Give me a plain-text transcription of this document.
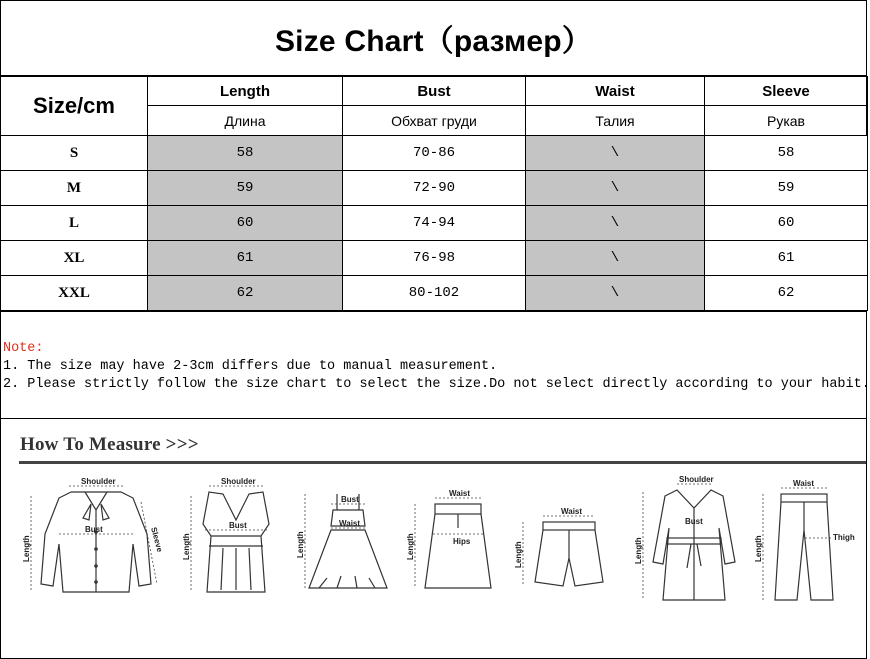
Size Chart（размер）
Size/cm	Length	Bust	Waist	Sleeve
	Длина	Обхват груди	Талия	Рукав
S	58	70-86	\	58
M	59	72-90	\	59
L	60	74-94	\	60
XL	61	76-98	\	61
XXL	62	80-102	\	62
Note:
1. The size may have 2-3cm differs due to manual measurement.
2. Please strictly follow the size chart to select the size.Do not select directly according to your habit.
How To Measure >>>
Shoulder
Bust
Length	Sleeve
Shoulder
Bust
Length
Bust
Waist
Length
Waist
Hips
Length
Waist
Length
Shoulder
Bust
Length
Waist
Thigh
Length
